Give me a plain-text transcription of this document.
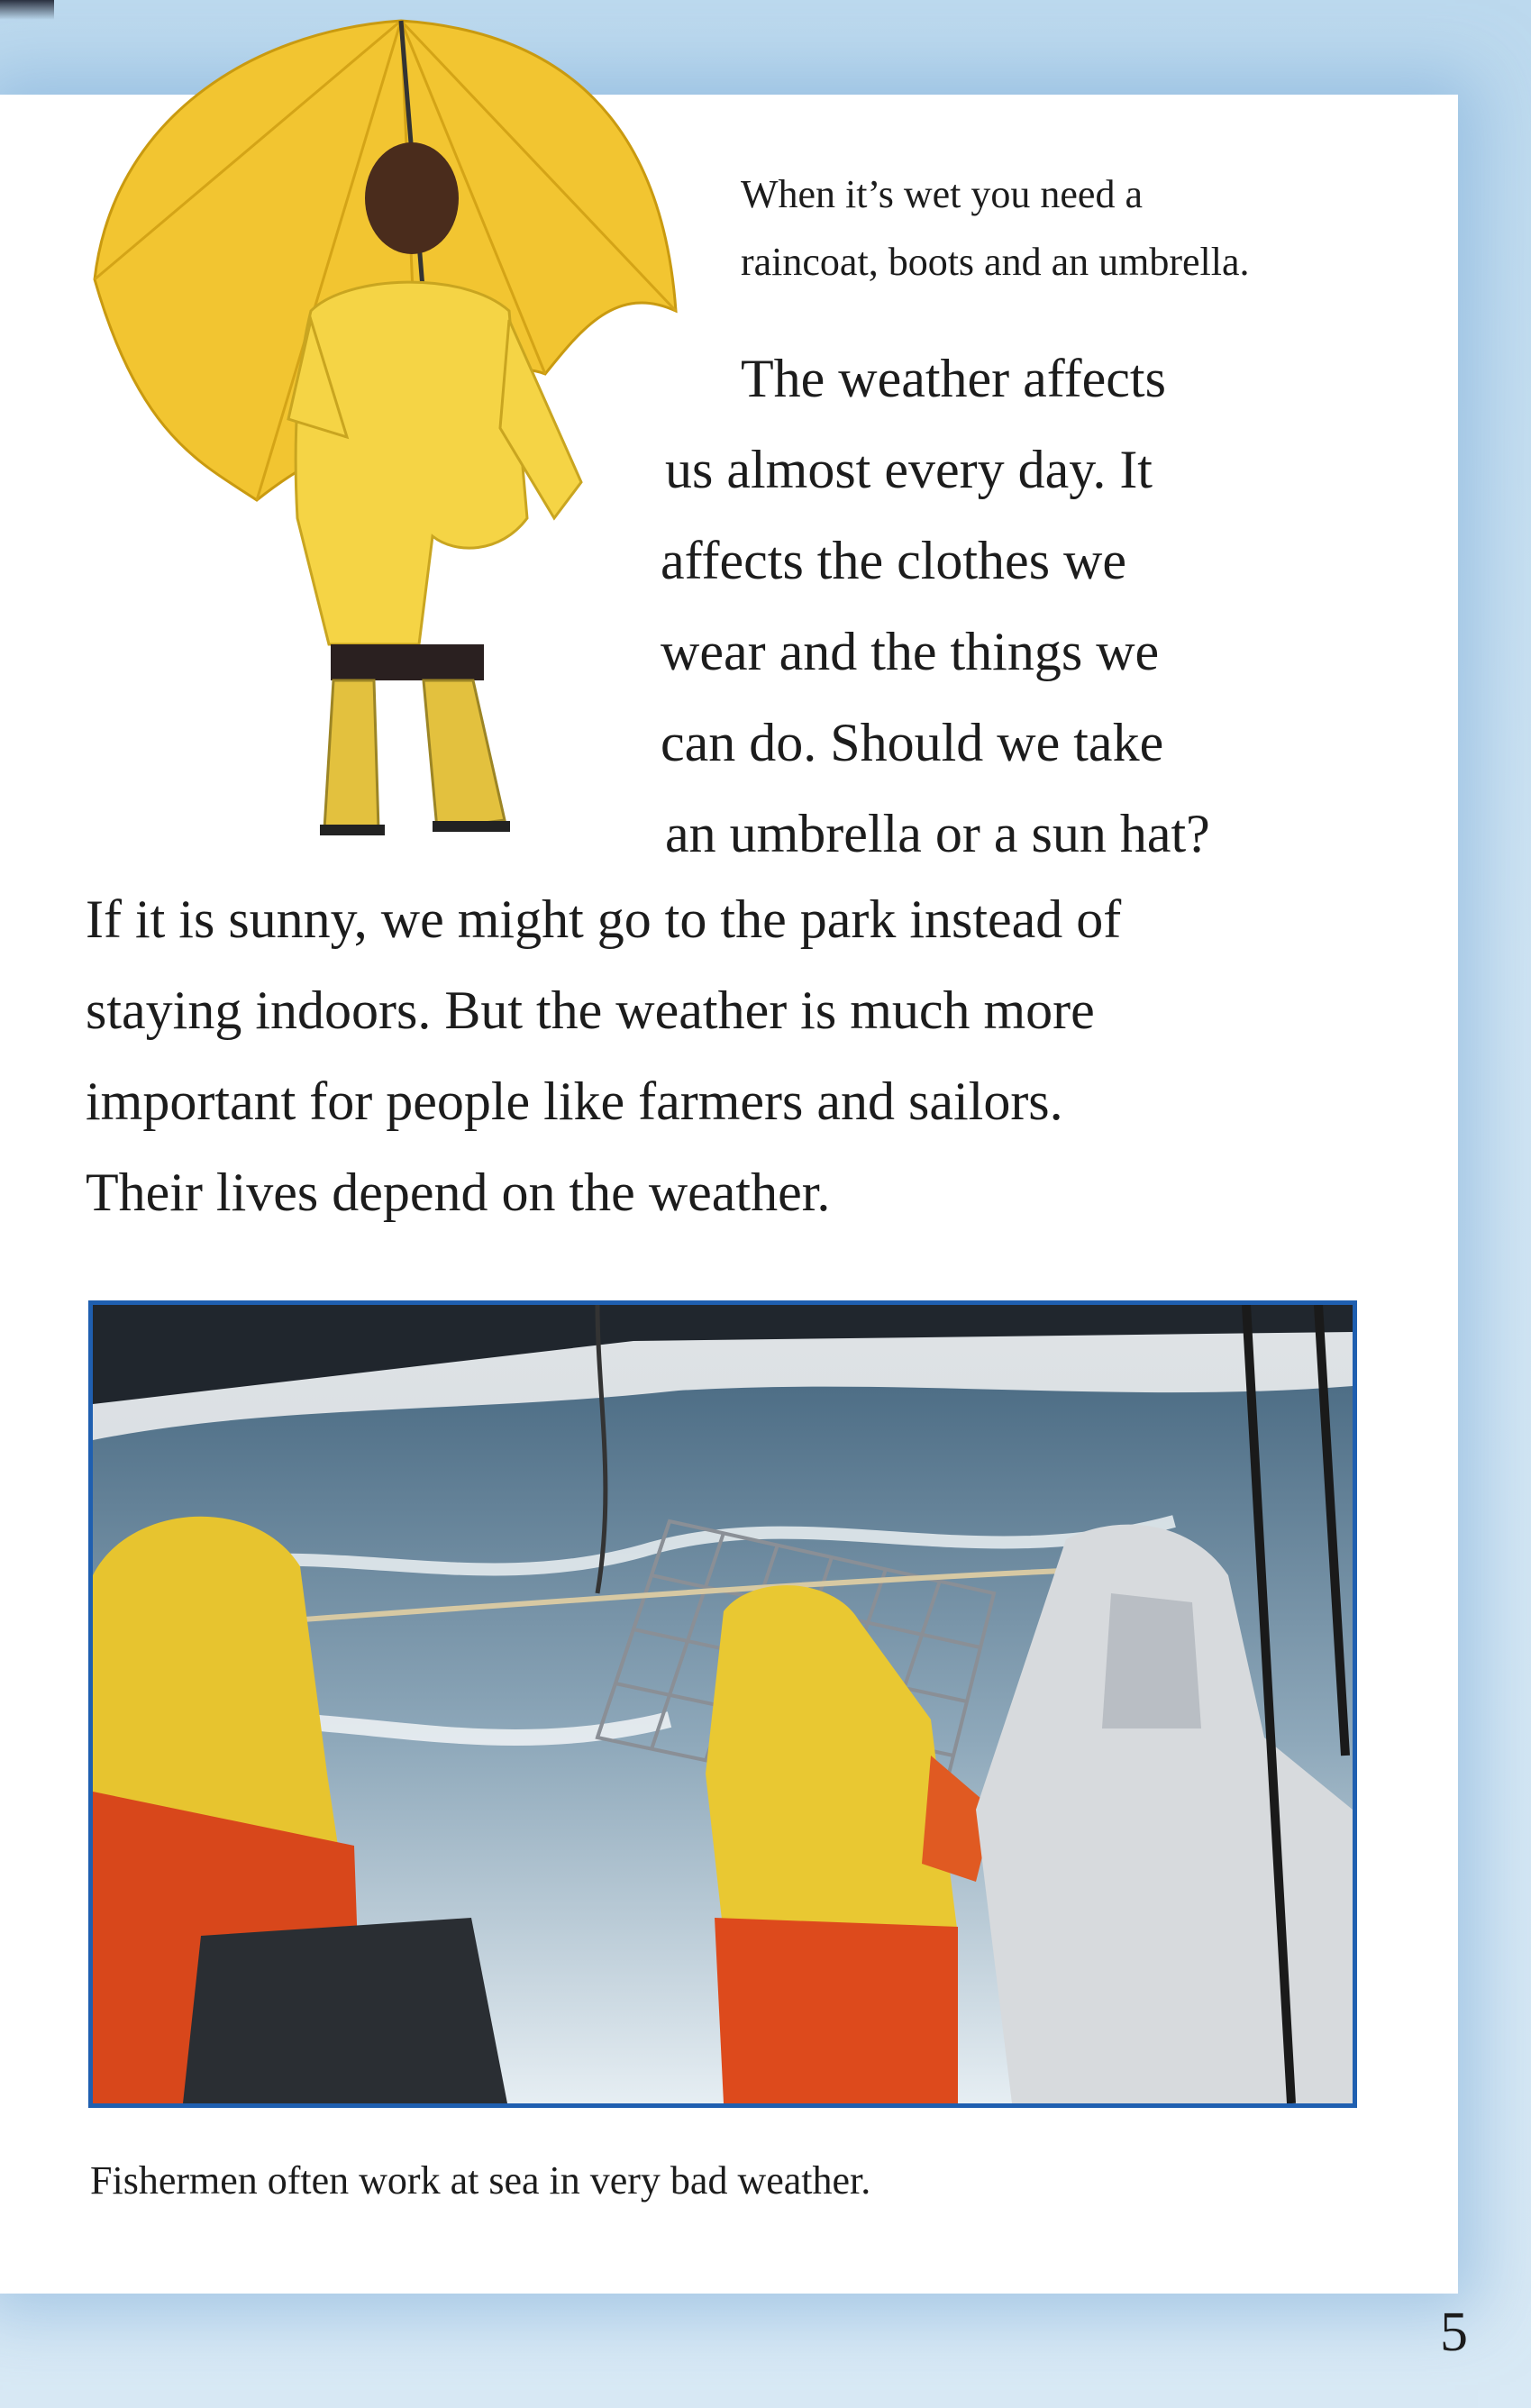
When it’s wet you need a
raincoat, boots and an umbrella.
The weather affects
us almost every day. It
affects the clothes we
wear and the things we
can do. Should we take
an umbrella or a sun hat?
If it is sunny, we might go to the park instead of
staying indoors. But the weather is much more
important for people like farmers and sailors.
Their lives depend on the weather.
Fishermen often work at sea in very bad weather.
5
